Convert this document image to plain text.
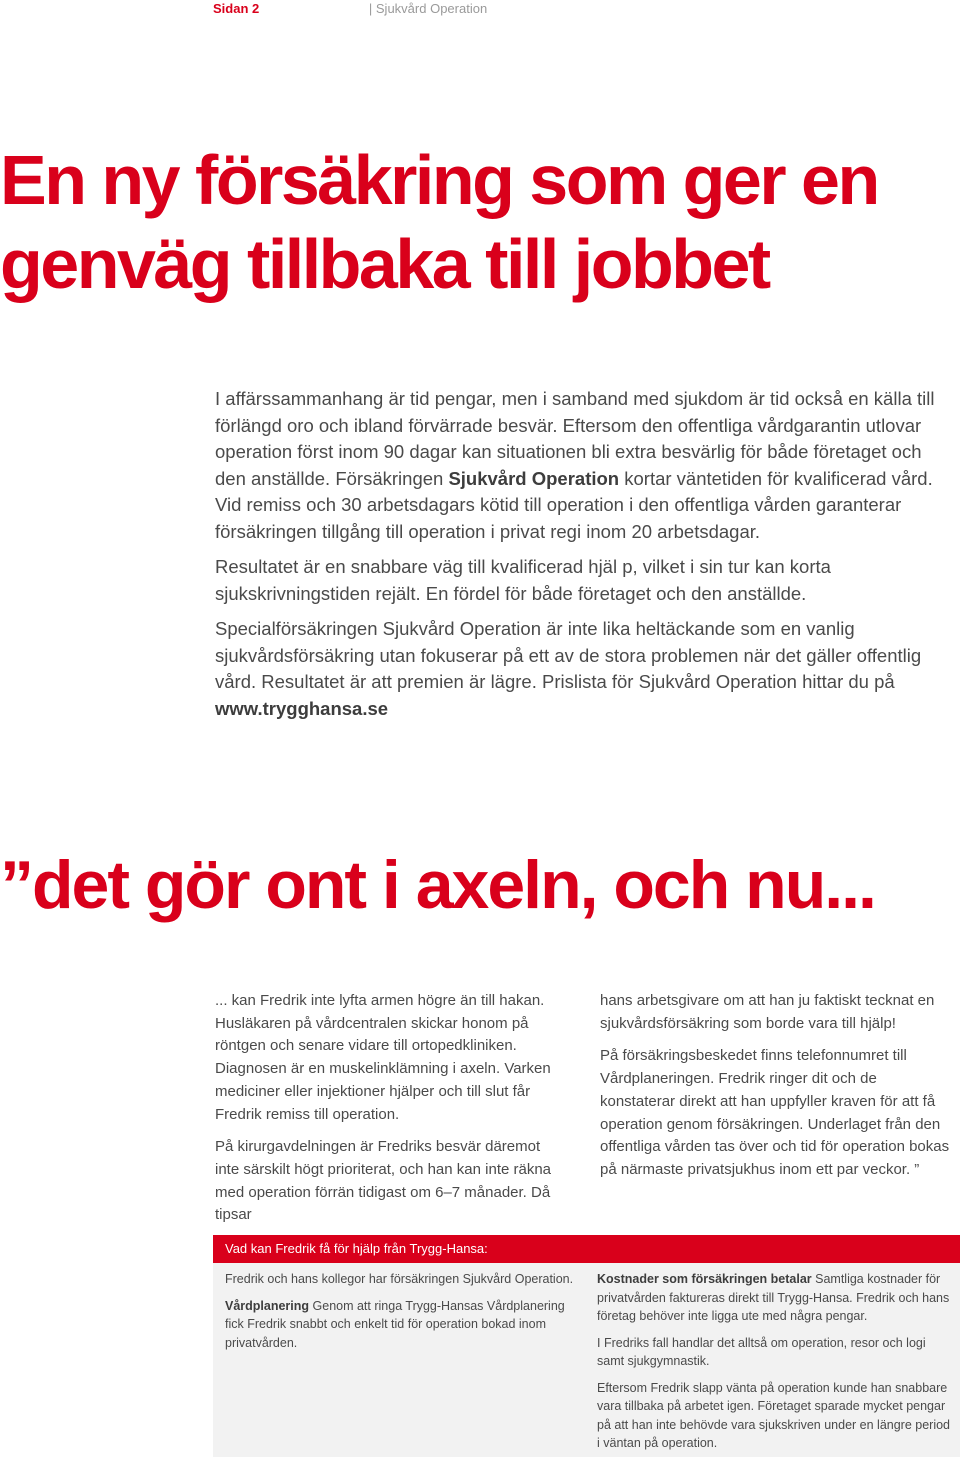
Sidan 2	| Sjukvård Operation
En ny försäkring som ger en
genväg tillbaka till jobbet

I affärssammanhang är tid pengar, men i samband med sjukdom är tid också en källa till förlängd oro och ibland förvärrade besvär. Eftersom den offentliga vårdgarantin utlovar operation först inom 90 dagar kan situationen bli extra besvärlig för både företaget och den anställde. Försäkringen Sjukvård Operation kortar väntetiden för kvalificerad vård. Vid remiss och 30 arbetsdagars kötid till operation i den offentliga vården garanterar försäkringen tillgång till operation i privat regi inom 20 arbetsdagar.

Resultatet är en snabbare väg till kvalificerad hjäl p, vilket i sin tur kan korta sjukskrivningstiden rejält. En fördel för både företaget och den anställde.

Specialförsäkringen Sjukvård Operation är inte lika heltäckande som en vanlig sjukvårdsförsäkring utan fokuserar på ett av de stora problemen när det gäller offentlig vård. Resultatet är att premien är lägre. Prislista för Sjukvård Operation hittar du på www.trygghansa.se

”det gör ont i axeln, och nu...

... kan Fredrik inte lyfta armen högre än till hakan. Husläkaren på vårdcentralen skickar honom på röntgen och senare vidare till ortopedkliniken. Diagnosen är en muskelinklämning i axeln. Varken mediciner eller injektioner hjälper och till slut får Fredrik remiss till operation.

På kirurgavdelningen är Fredriks besvär däremot inte särskilt högt prioriterat, och han kan inte räkna med operation förrän tidigast om 6–7 månader. Då tipsar

hans arbetsgivare om att han ju faktiskt tecknat en sjukvårdsförsäkring som borde vara till hjälp!

På försäkringsbeskedet finns telefonnumret till Vårdplaneringen. Fredrik ringer dit och de konstaterar direkt att han uppfyller kraven för att få operation genom försäkringen. Underlaget från den offentliga vården tas över och tid för operation bokas på närmaste privatsjukhus inom ett par veckor. ”

Vad kan Fredrik få för hjälp från Trygg-Hansa:

Fredrik och hans kollegor har försäkringen Sjukvård Operation.

Vårdplanering Genom att ringa Trygg-Hansas Vårdplanering fick Fredrik snabbt och enkelt tid för operation bokad inom privatvården.

Kostnader som försäkringen betalar Samtliga kostnader för privatvården faktureras direkt till Trygg-Hansa. Fredrik och hans företag behöver inte ligga ute med några pengar.

I Fredriks fall handlar det alltså om operation, resor och logi samt sjukgymnastik.

Eftersom Fredrik slapp vänta på operation kunde han snabbare vara tillbaka på arbetet igen. Företaget sparade mycket pengar på att han inte behövde vara sjukskriven under en längre period i väntan på operation.
